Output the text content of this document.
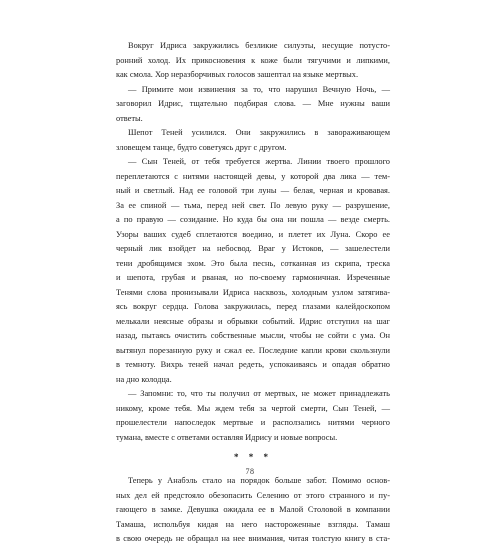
Вокруг Идриса закружились безликие силуэты, несущие потусто-
ронний холод. Их прикосновения к коже были тягучими и липкими,
как смола. Хор неразборчивых голосов зашептал на языке мертвых.
— Примите мои извинения за то, что нарушил Вечную Ночь, —
заговорил Идрис, тщательно подбирая слова. — Мне нужны ваши
ответы.
Шепот Теней усилился. Они закружились в завораживающем
зловещем танце, будто советуясь друг с другом.
— Сын Теней, от тебя требуется жертва. Линии твоего прошлого
переплетаются с нитями настоящей девы, у которой два лика — тем-
ный и светлый. Над ее головой три луны — белая, черная и кровавая.
За ее спиной — тьма, перед ней свет. По левую руку — разрушение,
а по правую — созидание. Но куда бы она ни пошла — везде смерть.
Узоры ваших судеб сплетаются воедино, и плетет их Луна. Скоро ее
черный лик взойдет на небосвод. Враг у Истоков, — зашелестели
тени дробящимся эхом. Это была песнь, сотканная из скрипа, треска
и шепота, грубая и рваная, но по-своему гармоничная. Изреченные
Тенями слова пронизывали Идриса насквозь, холодным узлом затягива-
ясь вокруг сердца. Голова закружилась, перед глазами калейдоскопом
мелькали неясные образы и обрывки событий. Идрис отступил на шаг
назад, пытаясь очистить собственные мысли, чтобы не сойти с ума. Он
вытянул порезанную руку и сжал ее. Последние капли крови скользнули
в темноту. Вихрь теней начал редеть, успокаиваясь и опадая обратно
на дно колодца.
— Запомни: то, что ты получил от мертвых, не может принадлежать
никому, кроме тебя. Мы ждем тебя за чертой смерти, Сын Теней, —
прошелестели напоследок мертвые и расползались нитями черного
тумана, вместе с ответами оставляя Идрису и новые вопросы.
* * *
Теперь у Анабэль стало на порядок больше забот. Помимо основ-
ных дел ей предстояло обезопасить Селению от этого странного и пу-
гающего в замке. Девушка ожидала ее в Малой Столовой в компании
Тамаша, испольбуя кидая на него настороженные взгляды. Тамаш
в свою очередь не обращал на нее внимания, читая толстую книгу в ста-
78
